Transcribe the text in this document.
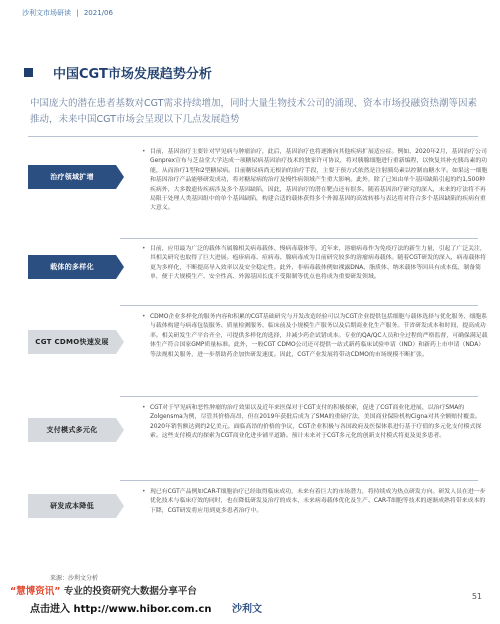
沙利文市场研读 | 2021/06
中国CGT市场发展趋势分析
中国庞大的潜在患者基数对CGT需求持续增加，同时大量生物技术公司的涌现、资本市场投融资热潮等因素推动，未来中国CGT市场会呈现以下几点发展趋势
治疗领域扩增
• 目前，基因治疗主要针对罕见病与肿瘤治疗，此后，基因治疗也将逐渐向其他疾病扩展适应症。例如，2020年2月，基因治疗公司Genprex宣布与芝益堂大学达成一项糖尿病基因治疗技术的独家许可协议，将对胰腺细胞进行重新编程，以恢复其补充胰岛素的功能，从而治疗1型和2型糖尿病。目前糖尿病尚无根治的治疗手段，主要于预方式依然是注射胰岛素以控制血糖水平。如果这一细胞和基因治疗产品能够研发成功，将对糖尿病的治疗及慢性病领域产生重大影响。此外，除了已知由单个基因缺陷引起的约1,500种疾病外，大多数遗传疾病涉及多个基因缺陷，因此，基因治疗的潜在靶点还有很多。随着基因治疗研究的深入，未来的疗法将不再局限于处理人类基因组中的单个基因缺陷，构建合适的载体获得多个外源基因的高效转移与表达将对符合多个基因缺陷的疾病有重大意义。
载体的多样化
• 目前，应用最为广泛的载体当属腺相关病毒载体、慢病毒载体等。近年来，溶瘤病毒作为免疫疗法的新生力量，引起了广泛关注，其相关研究也取得了巨大进展。疱疹病毒、痘病毒、腺病毒成为目前研究较多的溶瘤病毒载体。随着CGT研发的深入，病毒载体将更为多样化，不断提高导入效率以及安全稳定性。此外，非病毒载体例如裸露DNA、脂质体、纳米载体等因具有成本低、制备简单，便于大规模生产、安全性高、外源基因长度不受限制等优点也将成为重要研发领域。
CGT CDMO快速发展
• CDMO企业多样化的服务内容和积累的CGT基础研究与开发改造经验可以为CGT企业提供包括细胞与载体选择与优化服务、细胞系与载体构建与病毒包装服务、质量检测服务、临床前及小规模生产服务以及后期商业化生产服务。节省研发成本和时间，提高成功率。相关研发生产平台齐全，可提供多样化的选择，并减少药企试错成本。专业的QA/QC人员和全过程的严格监督，可确保满足载体生产符合国家GMP质量标准。此外，一般CGT CDMO公司还可提供一站式新药临床试验申请（IND）和新药上市申请（NDA）等法规相关服务，进一步帮助药企加快研发速度。因此，CGT产业发展将带动CDMO的市场规模不断扩张。
支付模式多元化
• CGT对于罕见病和恶性肿瘤的治疗效果以及近年来医保对于CGT支付的积极探索，促进了CGT商业化进展，以治疗SMA的Zolgensma为例，尽管其价格高昂，但在2019年获批后成为了SMA的重磅疗法，美国商业保险机构Cigna对其全额赔付覆盖。2020年销售额达到约2亿美元。面临高昂的价格的争议，CGT企业积极与各国政府及医保体系进行基于疗值的多元化支付模式探索。这些支付模式的探索为CGT商业化进步铺平道路。预计未来对于CGT多元化的创新支付模式将更及更多患者。
研发成本降低
• 现已有CGT产品例如CAR-T细胞治疗已经取得临床成功，未来有着巨大的市场潜力，将持续成为热点研发方向。研发人员在进一步优化技术与临床疗效的同时，也在降低研发及治疗的成本，未来病毒载体优化及生产、CAR-T细胞等技术的逐渐成熟将带来成本的下降，CGT研发将应用到更多患者治疗中。
来源：沙利文分析
“慧博资讯” 专业的投资研究大数据分享平台
点击进入 http://www.hibor.com.cn 沙利文
51
